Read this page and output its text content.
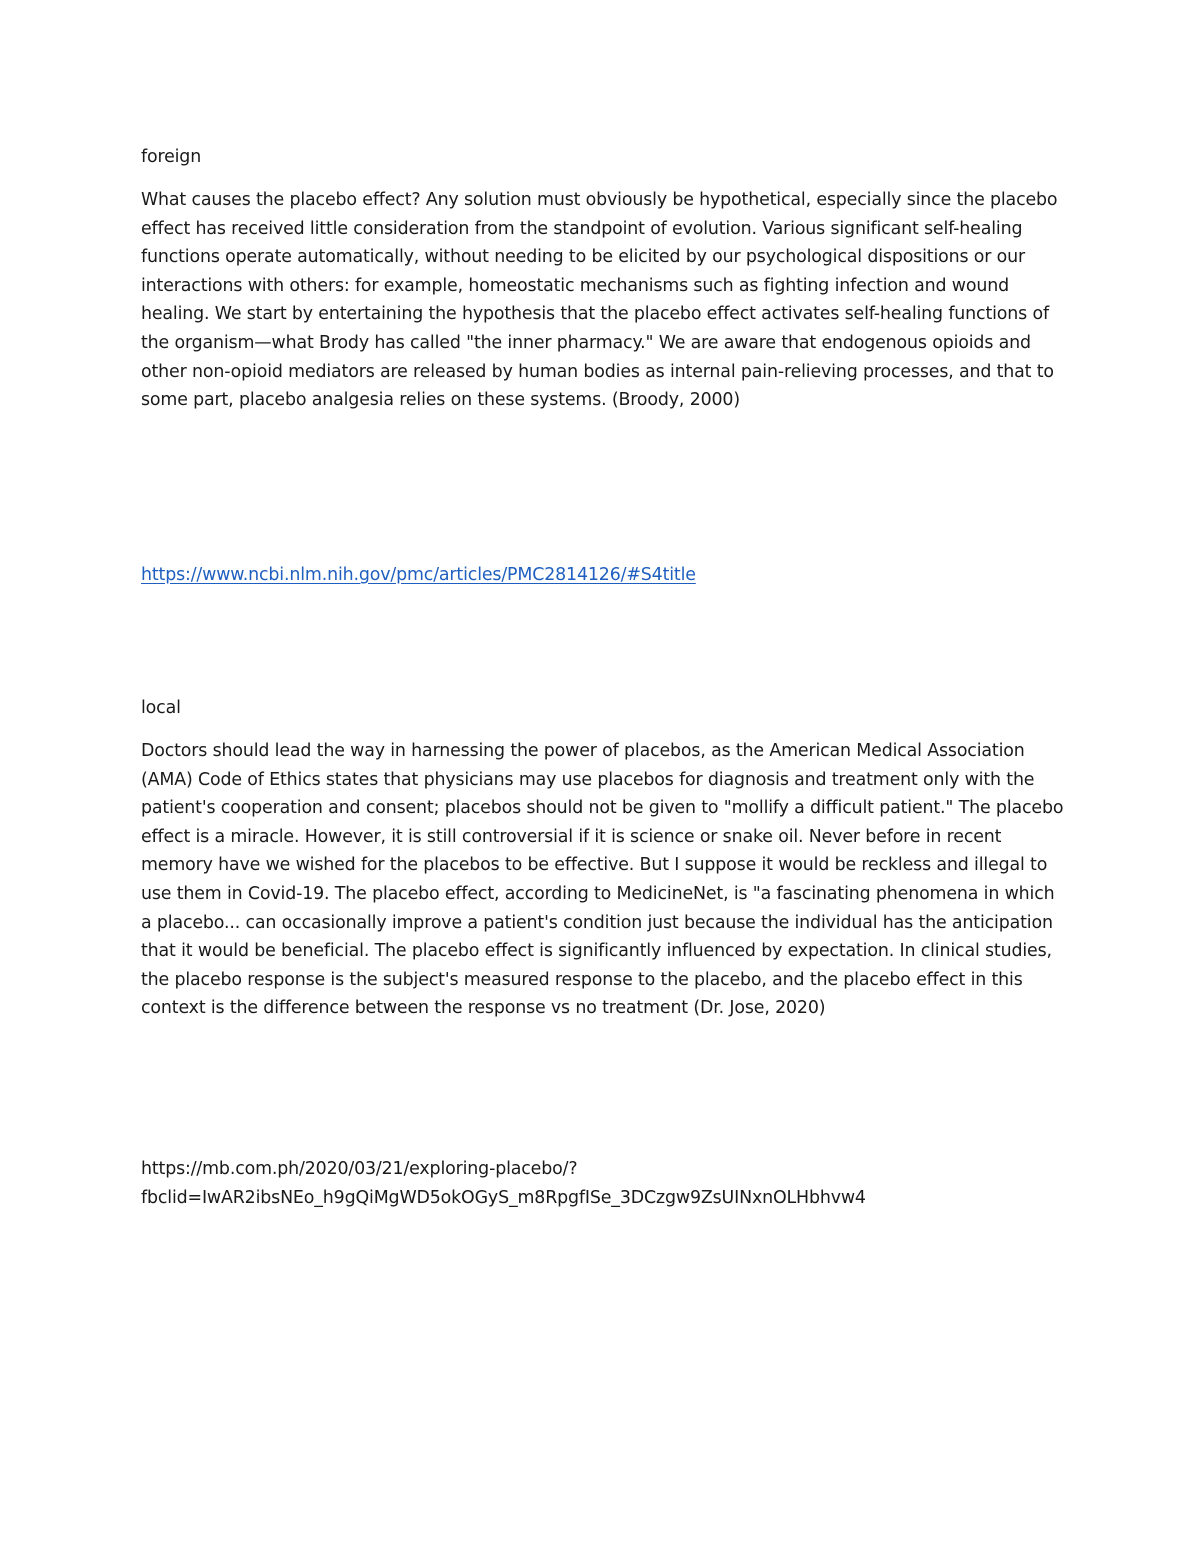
foreign

What causes the placebo effect? Any solution must obviously be hypothetical, especially since the placebo effect has received little consideration from the standpoint of evolution. Various significant self-healing functions operate automatically, without needing to be elicited by our psychological dispositions or our interactions with others: for example, homeostatic mechanisms such as fighting infection and wound healing. We start by entertaining the hypothesis that the placebo effect activates self-healing functions of the organism—what Brody has called "the inner pharmacy." We are aware that endogenous opioids and other non-opioid mediators are released by human bodies as internal pain-relieving processes, and that to some part, placebo analgesia relies on these systems. (Broody, 2000)

https://www.ncbi.nlm.nih.gov/pmc/articles/PMC2814126/#S4title

local

Doctors should lead the way in harnessing the power of placebos, as the American Medical Association (AMA) Code of Ethics states that physicians may use placebos for diagnosis and treatment only with the patient's cooperation and consent; placebos should not be given to "mollify a difficult patient." The placebo effect is a miracle. However, it is still controversial if it is science or snake oil. Never before in recent memory have we wished for the placebos to be effective. But I suppose it would be reckless and illegal to use them in Covid-19. The placebo effect, according to MedicineNet, is "a fascinating phenomena in which a placebo... can occasionally improve a patient's condition just because the individual has the anticipation that it would be beneficial. The placebo effect is significantly influenced by expectation. In clinical studies, the placebo response is the subject's measured response to the placebo, and the placebo effect in this context is the difference between the response vs no treatment (Dr. Jose, 2020)

https://mb.com.ph/2020/03/21/exploring-placebo/?
fbclid=IwAR2ibsNEo_h9gQiMgWD5okOGyS_m8RpgfISe_3DCzgw9ZsUINxnOLHbhvw4
